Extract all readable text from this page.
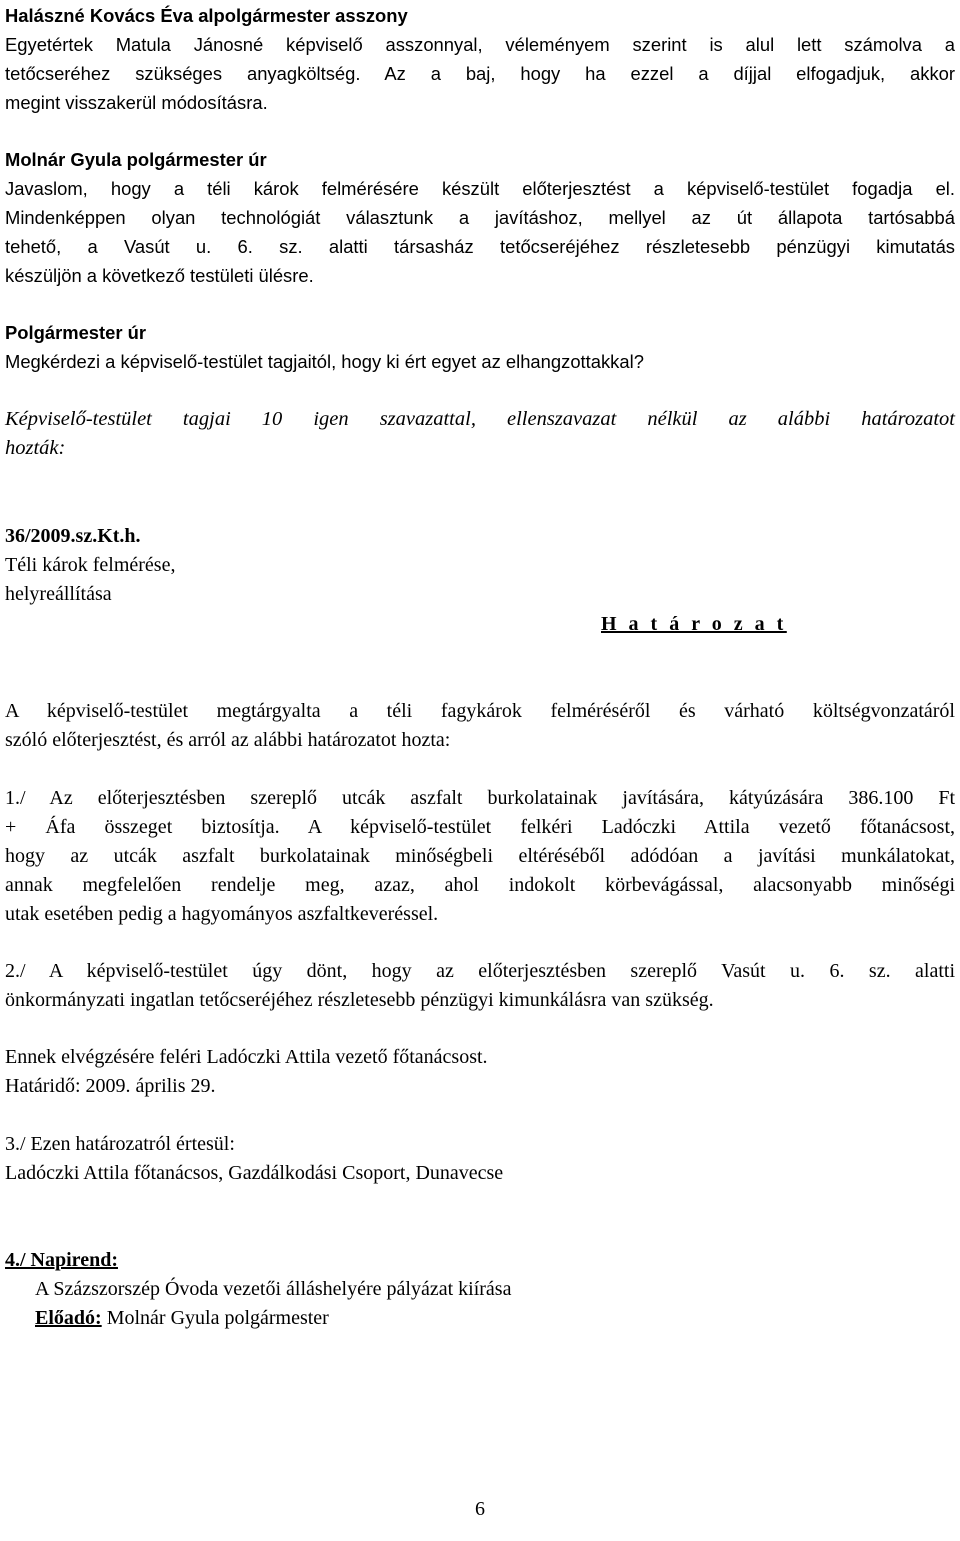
Halászné Kovács Éva alpolgármester asszony
Egyetértek Matula Jánosné képviselő asszonnyal, véleményem szerint is alul lett számolva a
tetőcseréhez szükséges anyagköltség. Az a baj, hogy ha ezzel a díjjal elfogadjuk, akkor
megint visszakerül módosításra.
Molnár Gyula polgármester úr
Javaslom, hogy a téli károk felmérésére készült előterjesztést a képviselő-testület fogadja el.
Mindenképpen olyan technológiát választunk a javításhoz, mellyel az út állapota tartósabbá
tehető, a Vasút u. 6. sz. alatti társasház tetőcseréjéhez részletesebb pénzügyi kimutatás
készüljön a következő testületi ülésre.
Polgármester úr
Megkérdezi a képviselő-testület tagjaitól, hogy ki ért egyet az elhangzottakkal?
Képviselő-testület tagjai 10 igen szavazattal, ellenszavazat nélkül az alábbi határozatot
hozták:
36/2009.sz.Kt.h.
Téli károk felmérése,
helyreállítása
H a t á r o z a t
A képviselő-testület megtárgyalta a téli fagykárok felméréséről és várható költségvonzatáról
szóló előterjesztést, és arról az alábbi határozatot hozta:
1./ Az előterjesztésben szereplő utcák aszfalt burkolatainak javítására, kátyúzására 386.100 Ft
+ Áfa összeget biztosítja. A képviselő-testület felkéri Ladóczki Attila vezető főtanácsost,
hogy az utcák aszfalt burkolatainak minőségbeli eltéréséből adódóan a javítási munkálatokat,
annak megfelelően rendelje meg, azaz, ahol indokolt körbevágással, alacsonyabb minőségi
utak esetében pedig a hagyományos aszfaltkeveréssel.
2./ A képviselő-testület úgy dönt, hogy az előterjesztésben szereplő Vasút u. 6. sz. alatti
önkormányzati ingatlan tetőcseréjéhez részletesebb pénzügyi kimunkálásra van szükség.
Ennek elvégzésére feléri Ladóczki Attila vezető főtanácsost.
Határidő: 2009. április 29.
3./ Ezen határozatról értesül:
Ladóczki Attila főtanácsos, Gazdálkodási Csoport, Dunavecse
4./ Napirend:
A Százszorszép Óvoda vezetői álláshelyére pályázat kiírása
Előadó: Molnár Gyula polgármester
6
